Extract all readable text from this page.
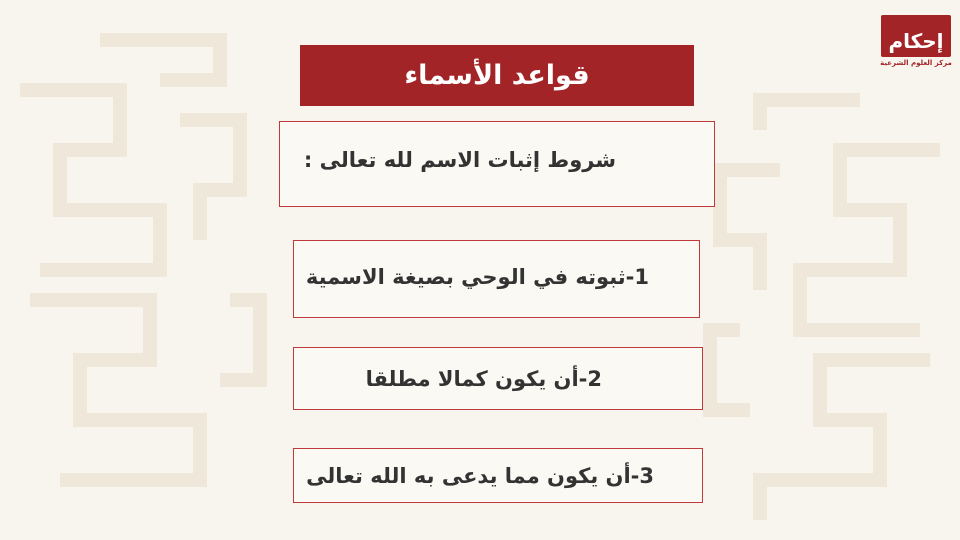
إحكام
مركز العلوم الشرعية
قواعد الأسماء
شروط إثبات الاسم لله تعالى :
1-ثبوته في الوحي بصيغة الاسمية
2-أن يكون كمالا مطلقا
3-أن يكون مما يدعى به الله تعالى
